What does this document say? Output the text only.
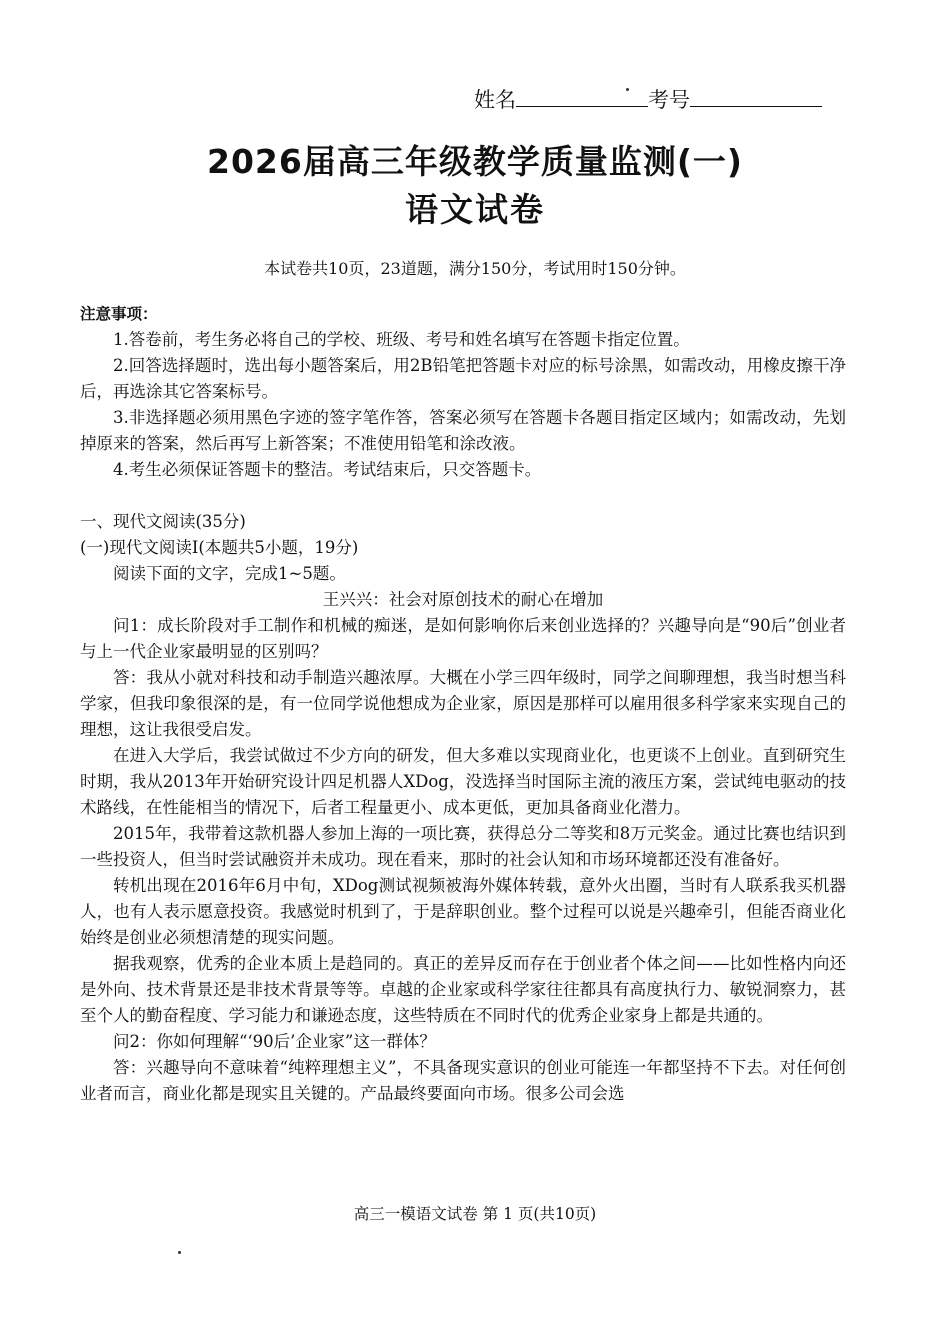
姓名	考号
2026届高三年级教学质量监测(一)
语文试卷
本试卷共10页，23道题，满分150分，考试用时150分钟。

注意事项：

1.答卷前，考生务必将自己的学校、班级、考号和姓名填写在答题卡指定位置。

2.回答选择题时，选出每小题答案后，用2B铅笔把答题卡对应的标号涂黑，如需改动，用橡皮擦干净后，再选涂其它答案标号。

3.非选择题必须用黑色字迹的签字笔作答，答案必须写在答题卡各题目指定区域内；如需改动，先划掉原来的答案，然后再写上新答案；不准使用铅笔和涂改液。

4.考生必须保证答题卡的整洁。考试结束后，只交答题卡。

一、现代文阅读(35分)

(一)现代文阅读Ⅰ(本题共5小题，19分)

阅读下面的文字，完成1~5题。

王兴兴：社会对原创技术的耐心在增加

问1：成长阶段对手工制作和机械的痴迷，是如何影响你后来创业选择的？兴趣导向是“90后”创业者与上一代企业家最明显的区别吗？

答：我从小就对科技和动手制造兴趣浓厚。大概在小学三四年级时，同学之间聊理想，我当时想当科学家，但我印象很深的是，有一位同学说他想成为企业家，原因是那样可以雇用很多科学家来实现自己的理想，这让我很受启发。

在进入大学后，我尝试做过不少方向的研发，但大多难以实现商业化，也更谈不上创业。直到研究生时期，我从2013年开始研究设计四足机器人XDog，没选择当时国际主流的液压方案，尝试纯电驱动的技术路线，在性能相当的情况下，后者工程量更小、成本更低，更加具备商业化潜力。

2015年，我带着这款机器人参加上海的一项比赛，获得总分二等奖和8万元奖金。通过比赛也结识到一些投资人，但当时尝试融资并未成功。现在看来，那时的社会认知和市场环境都还没有准备好。

转机出现在2016年6月中旬，XDog测试视频被海外媒体转载，意外火出圈，当时有人联系我买机器人，也有人表示愿意投资。我感觉时机到了，于是辞职创业。整个过程可以说是兴趣牵引，但能否商业化始终是创业必须想清楚的现实问题。

据我观察，优秀的企业本质上是趋同的。真正的差异反而存在于创业者个体之间——比如性格内向还是外向、技术背景还是非技术背景等等。卓越的企业家或科学家往往都具有高度执行力、敏锐洞察力，甚至个人的勤奋程度、学习能力和谦逊态度，这些特质在不同时代的优秀企业家身上都是共通的。

问2：你如何理解“‘90后’企业家”这一群体？

答：兴趣导向不意味着“纯粹理想主义”，不具备现实意识的创业可能连一年都坚持不下去。对任何创业者而言，商业化都是现实且关键的。产品最终要面向市场。很多公司会选

高三一模语文试卷 第 1 页(共10页)
